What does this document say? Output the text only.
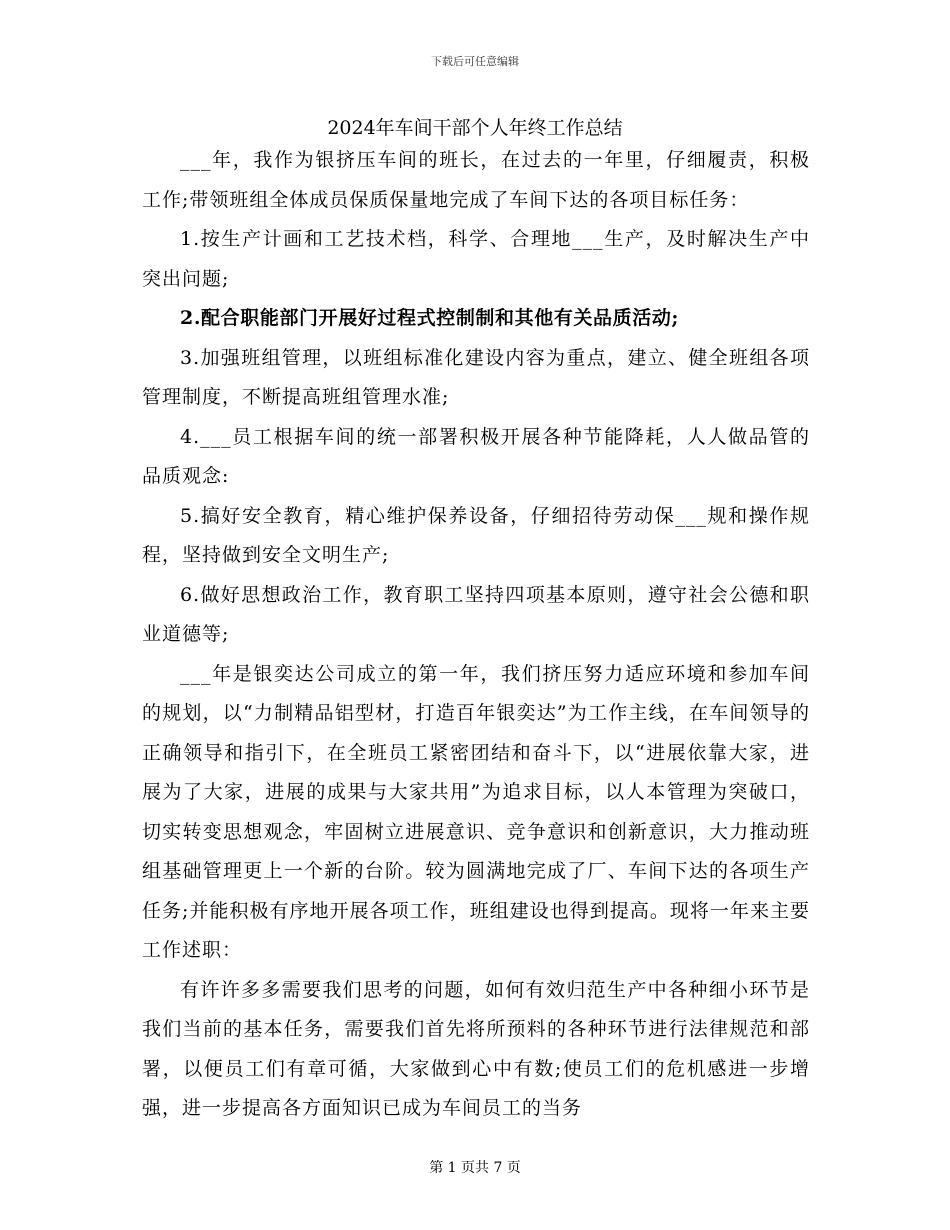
下载后可任意编辑
2024年车间干部个人年终工作总结

___年，我作为银挤压车间的班长，在过去的一年里，仔细履责，积极工作;带领班组全体成员保质保量地完成了车间下达的各项目标任务：

1.按生产计画和工艺技术档，科学、合理地___生产，及时解决生产中突出问题;

2.配合职能部门开展好过程式控制制和其他有关品质活动;

3.加强班组管理，以班组标准化建设内容为重点，建立、健全班组各项管理制度，不断提高班组管理水准;

4.___员工根据车间的统一部署积极开展各种节能降耗，人人做品管的品质观念:

5.搞好安全教育，精心维护保养设备，仔细招待劳动保___规和操作规程，坚持做到安全文明生产;

6.做好思想政治工作，教育职工坚持四项基本原则，遵守社会公德和职业道德等;

___年是银奕达公司成立的第一年，我们挤压努力适应环境和参加车间的规划，以“力制精品铝型材，打造百年银奕达”为工作主线，在车间领导的正确领导和指引下，在全班员工紧密团结和奋斗下，以“进展依靠大家，进展为了大家，进展的成果与大家共用”为追求目标，以人本管理为突破口，切实转变思想观念，牢固树立进展意识、竞争意识和创新意识，大力推动班组基础管理更上一个新的台阶。较为圆满地完成了厂、车间下达的各项生产任务;并能积极有序地开展各项工作，班组建设也得到提高。现将一年来主要工作述职：

有许许多多需要我们思考的问题，如何有效归范生产中各种细小环节是我们当前的基本任务，需要我们首先将所预料的各种环节进行法律规范和部署，以便员工们有章可循，大家做到心中有数;使员工们的危机感进一步增强，进一步提高各方面知识已成为车间员工的当务

第 1 页共 7 页
